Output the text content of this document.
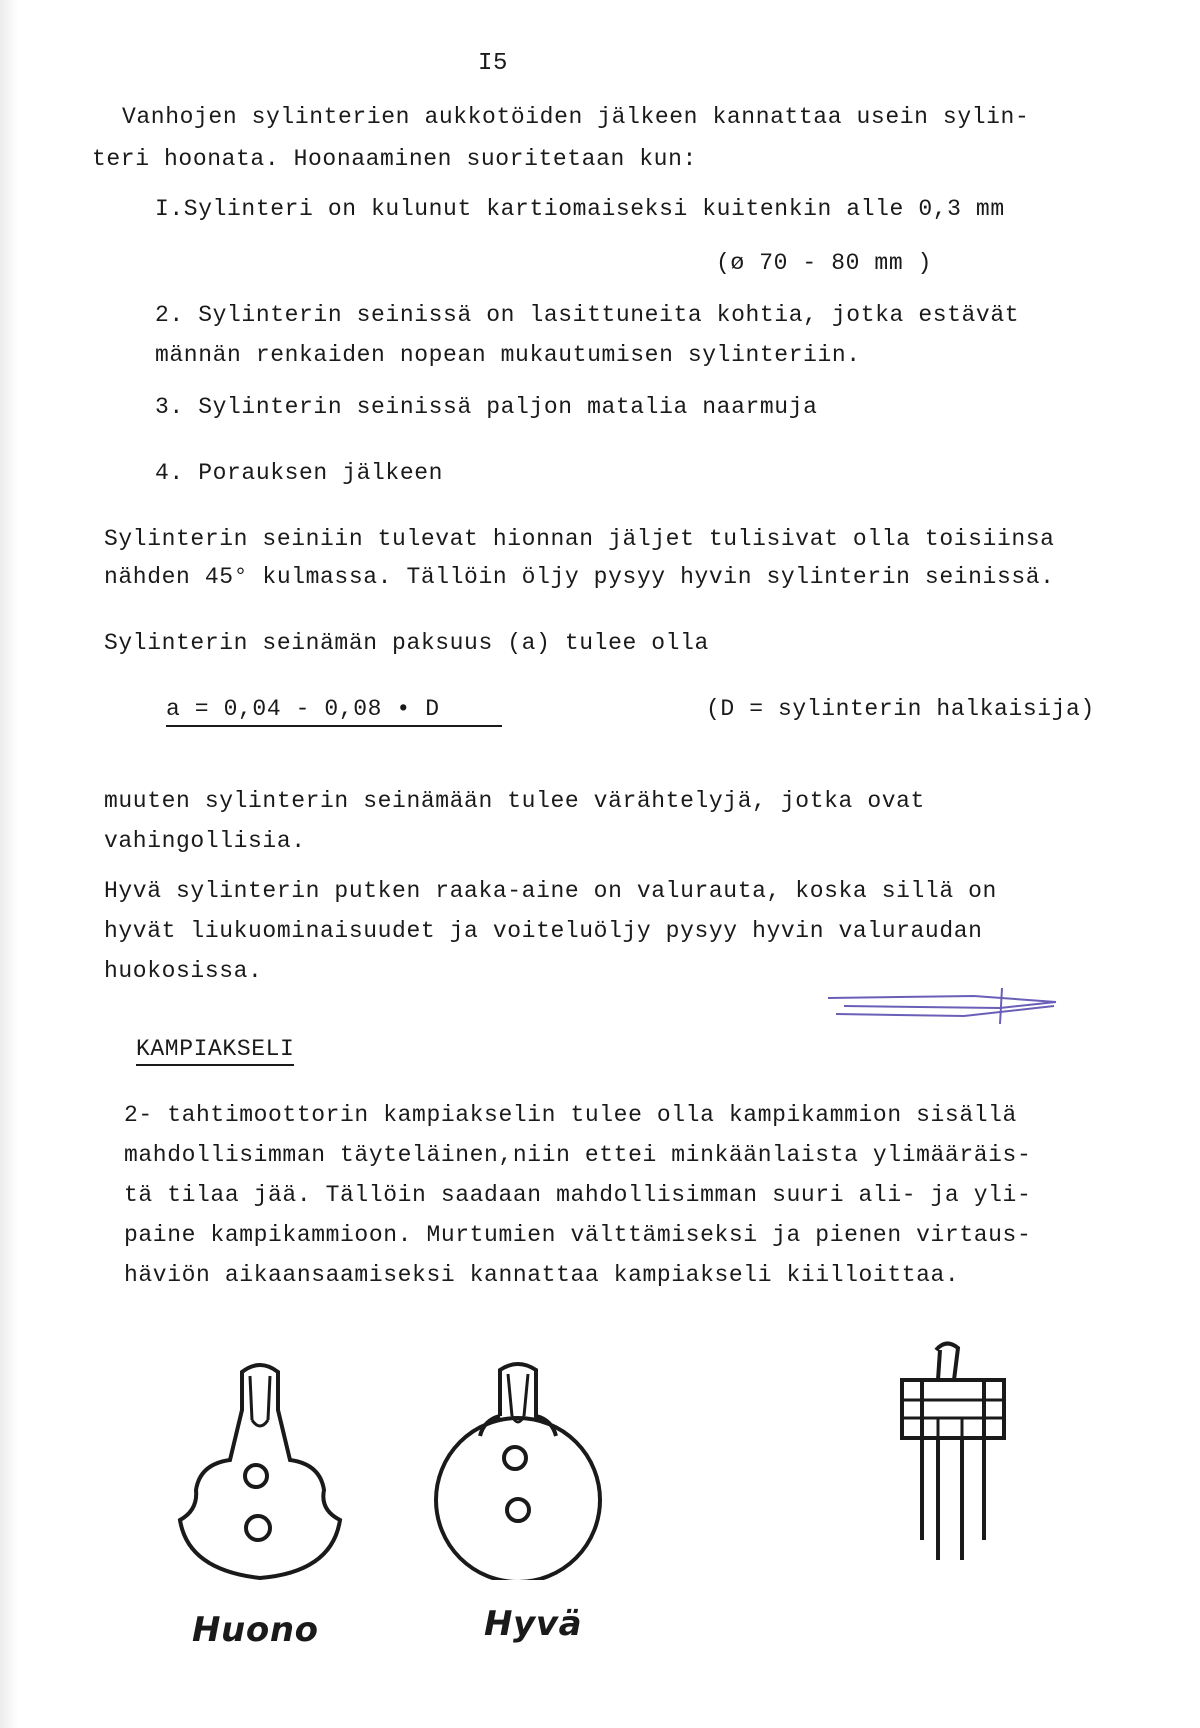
I5
Vanhojen sylinterien aukkotöiden jälkeen kannattaa usein sylin-
teri hoonata. Hoonaaminen suoritetaan kun:
I.Sylinteri on kulunut kartiomaiseksi kuitenkin alle 0,3 mm
(ø 70 - 80 mm )
2. Sylinterin seinissä on lasittuneita kohtia, jotka estävät
männän renkaiden nopean mukautumisen sylinteriin.
3. Sylinterin seinissä paljon matalia naarmuja
4. Porauksen jälkeen
Sylinterin seiniin tulevat hionnan jäljet tulisivat olla toisiinsa
nähden 45° kulmassa. Tällöin öljy pysyy hyvin sylinterin seinissä.
Sylinterin seinämän paksuus (a) tulee olla
a = 0,04 - 0,08 • D	(D = sylinterin halkaisija)
muuten sylinterin seinämään tulee värähtelyjä, jotka ovat
vahingollisia.
Hyvä sylinterin putken raaka-aine on valurauta, koska sillä on
hyvät liukuominaisuudet ja voiteluöljy pysyy hyvin valuraudan
huokosissa.
KAMPIAKSELI
2- tahtimoottorin kampiakselin tulee olla kampikammion sisällä
mahdollisimman täyteläinen,niin ettei minkäänlaista ylimääräis-
tä tilaa jää. Tällöin saadaan mahdollisimman suuri ali- ja yli-
paine kampikammioon. Murtumien välttämiseksi ja pienen virtaus-
häviön aikaansaamiseksi kannattaa kampiakseli kiilloittaa.
Huono	Hyvä
